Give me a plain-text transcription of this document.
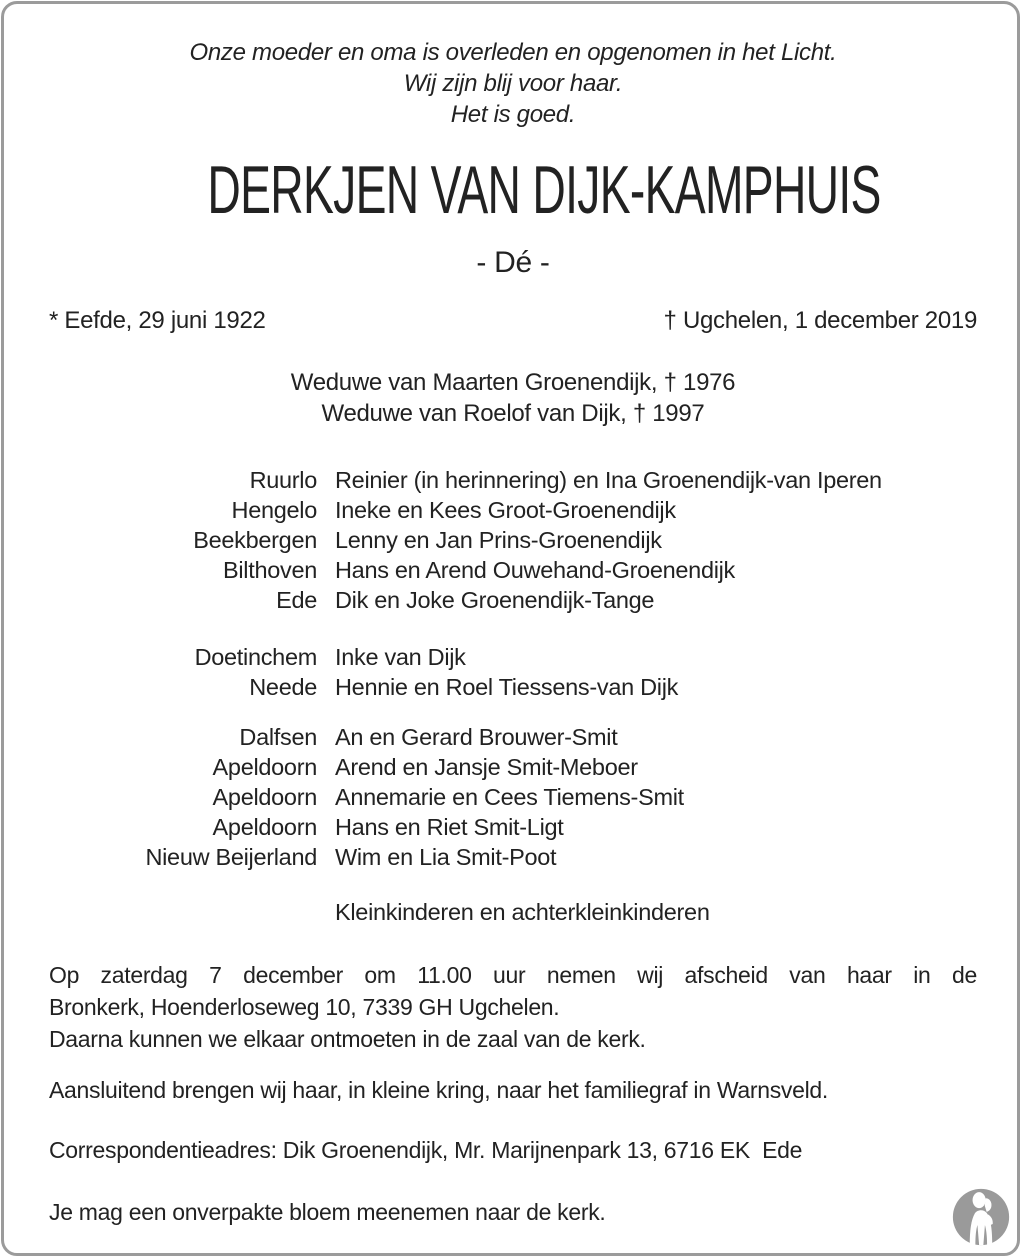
Onze moeder en oma is overleden en opgenomen in het Licht.
Wij zijn blij voor haar.
Het is goed.
DERKJEN VAN DIJK-KAMPHUIS
- Dé -
* Eefde, 29 juni 1922	† Ugchelen, 1 december 2019
Weduwe van Maarten Groenendijk, † 1976
Weduwe van Roelof van Dijk, † 1997
Ruurlo Reinier (in herinnering) en Ina Groenendijk-van Iperen
Hengelo Ineke en Kees Groot-Groenendijk
Beekbergen Lenny en Jan Prins-Groenendijk
Bilthoven Hans en Arend Ouwehand-Groenendijk
Ede Dik en Joke Groenendijk-Tange
Doetinchem Inke van Dijk
Neede Hennie en Roel Tiessens-van Dijk
Dalfsen An en Gerard Brouwer-Smit
Apeldoorn Arend en Jansje Smit-Meboer
Apeldoorn Annemarie en Cees Tiemens-Smit
Apeldoorn Hans en Riet Smit-Ligt
Nieuw Beijerland Wim en Lia Smit-Poot
Kleinkinderen en achterkleinkinderen
Op zaterdag 7 december om 11.00 uur nemen wij afscheid van haar in de
Bronkerk, Hoenderloseweg 10, 7339 GH Ugchelen.
Daarna kunnen we elkaar ontmoeten in de zaal van de kerk.
Aansluitend brengen wij haar, in kleine kring, naar het familiegraf in Warnsveld.
Correspondentieadres: Dik Groenendijk, Mr. Marijnenpark 13, 6716 EK  Ede
Je mag een onverpakte bloem meenemen naar de kerk.
